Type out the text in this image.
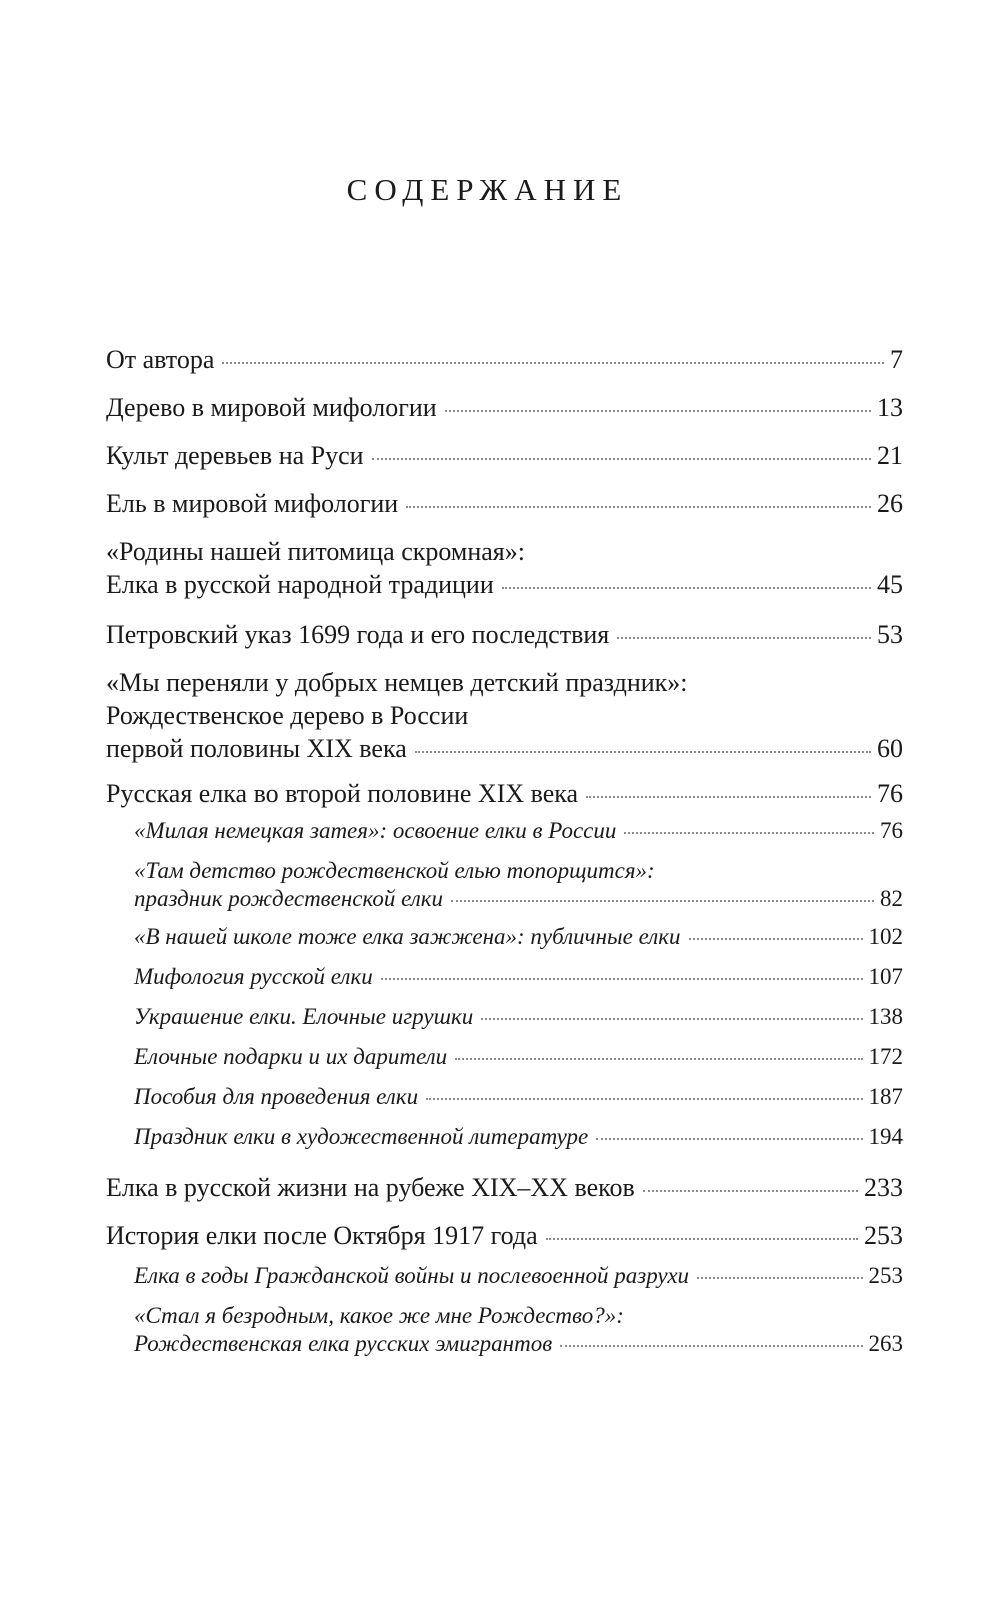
СОДЕРЖАНИЕ
От автора	7
Дерево в мировой мифологии	13
Культ деревьев на Руси	21
Ель в мировой мифологии	26
«Родины нашей питомица скромная»:
Елка в русской народной традиции	45
Петровский указ 1699 года и его последствия	53
«Мы переняли у добрых немцев детский праздник»:
Рождественское дерево в России
первой половины XIX века	60
Русская елка во второй половине XIX века	76
«Милая немецкая затея»: освоение елки в России	76
«Там детство рождественской елью топорщится»:
праздник рождественской елки	82
«В нашей школе тоже елка зажжена»: публичные елки	102
Мифология русской елки	107
Украшение елки. Елочные игрушки	138
Елочные подарки и их дарители	172
Пособия для проведения елки	187
Праздник елки в художественной литературе	194
Елка в русской жизни на рубеже XIX–XX веков	233
История елки после Октября 1917 года	253
Елка в годы Гражданской войны и послевоенной разрухи	253
«Стал я безродным, какое же мне Рождество?»:
Рождественская елка русских эмигрантов	263
